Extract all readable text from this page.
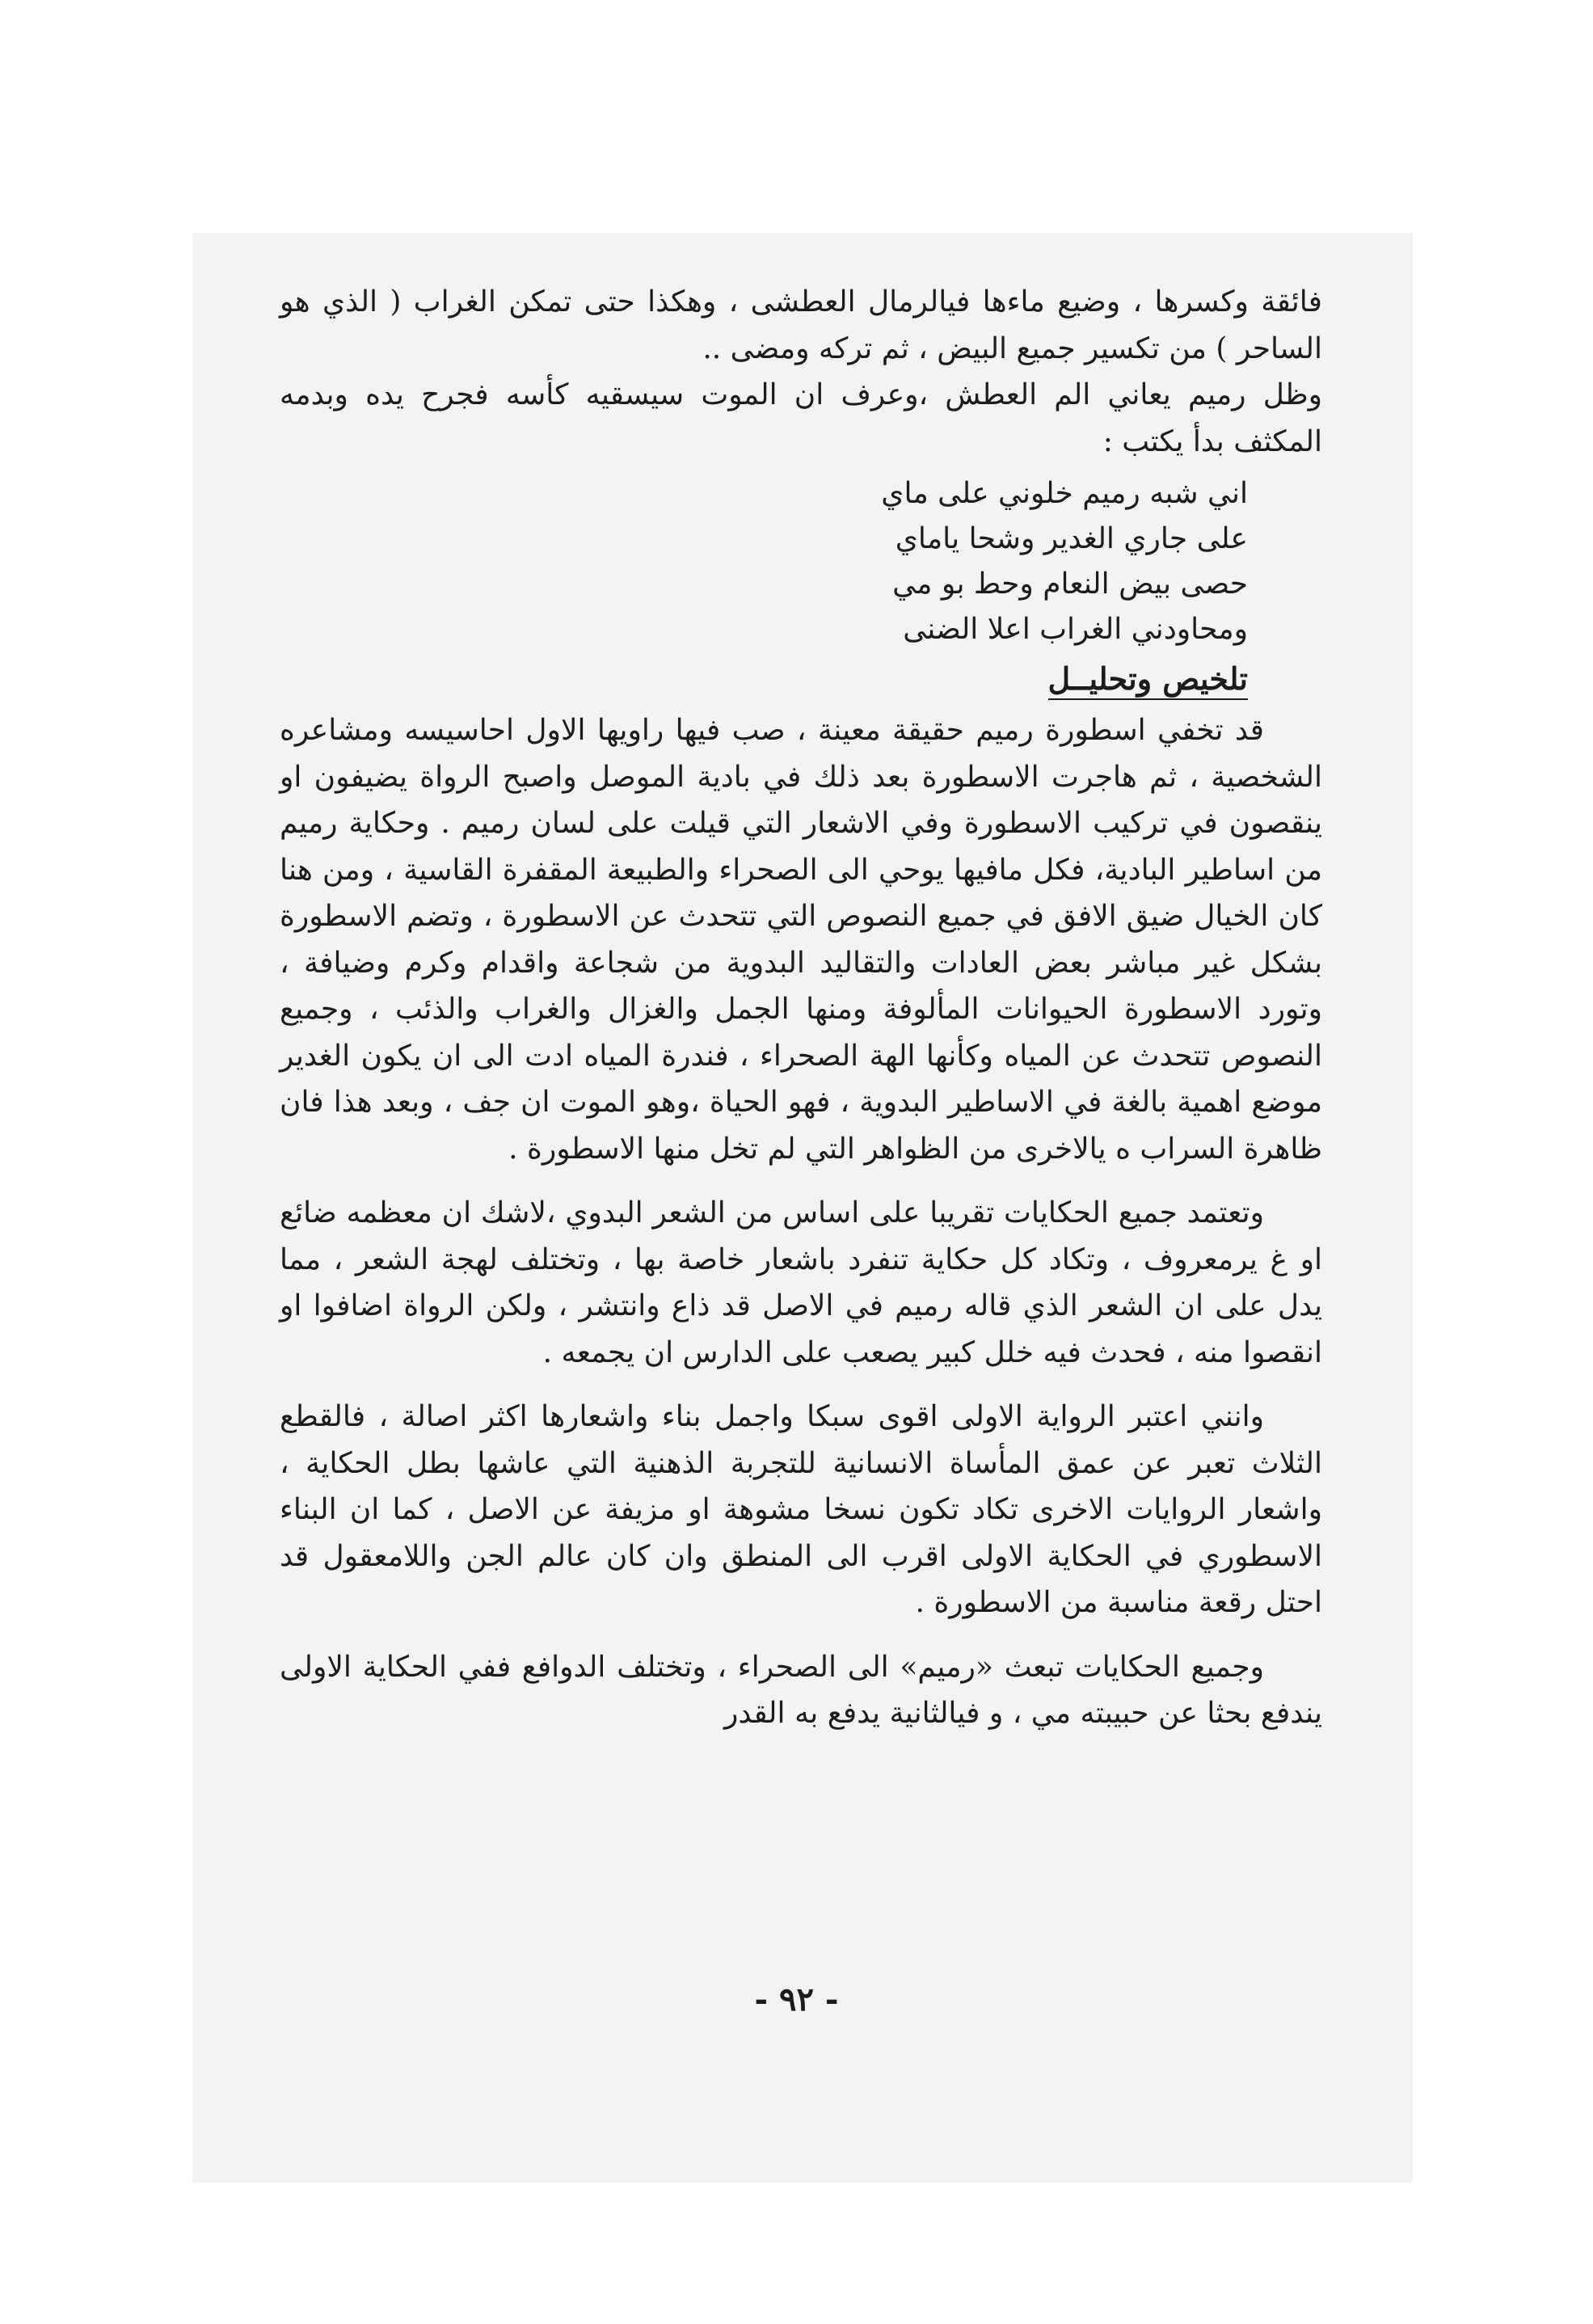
فائقة وكسرها ، وضيع ماءها فيالرمال العطشى ، وهكذا حتى تمكن الغراب ( الذي هو الساحر ) من تكسير جميع البيض ، ثم تركه ومضى ..

وظل رميم يعاني الم العطش ،وعرف ان الموت سيسقيه كأسه فجرح يده وبدمه المكثف بدأ يكتب :

اني شبه رميم خلوني على ماي
على جاري الغدير وشحا ياماي
حصى بيض النعام وحط بو مي
ومحاودني الغراب اعلا الضنى
تلخيص وتحليــل

قد تخفي اسطورة رميم حقيقة معينة ، صب فيها راويها الاول احاسيسه ومشاعره الشخصية ، ثم هاجرت الاسطورة بعد ذلك في بادية الموصل واصبح الرواة يضيفون او ينقصون في تركيب الاسطورة وفي الاشعار التي قيلت على لسان رميم . وحكاية رميم من اساطير البادية، فكل مافيها يوحي الى الصحراء والطبيعة المقفرة القاسية ، ومن هنا كان الخيال ضيق الافق في جميع النصوص التي تتحدث عن الاسطورة ، وتضم الاسطورة بشكل غير مباشر بعض العادات والتقاليد البدوية من شجاعة واقدام وكرم وضيافة ، وتورد الاسطورة الحيوانات المألوفة ومنها الجمل والغزال والغراب والذئب ، وجميع النصوص تتحدث عن المياه وكأنها الهة الصحراء ، فندرة المياه ادت الى ان يكون الغدير موضع اهمية بالغة في الاساطير البدوية ، فهو الحياة ،وهو الموت ان جف ، وبعد هذا فان ظاهرة السراب ه يالاخرى من الظواهر التي لم تخل منها الاسطورة .

وتعتمد جميع الحكايات تقريبا على اساس من الشعر البدوي ،لاشك ان معظمه ضائع او غ يرمعروف ، وتكاد كل حكاية تنفرد باشعار خاصة بها ، وتختلف لهجة الشعر ، مما يدل على ان الشعر الذي قاله رميم في الاصل قد ذاع وانتشر ، ولكن الرواة اضافوا او انقصوا منه ، فحدث فيه خلل كبير يصعب على الدارس ان يجمعه .

وانني اعتبر الرواية الاولى اقوى سبكا واجمل بناء واشعارها اكثر اصالة ، فالقطع الثلاث تعبر عن عمق المأساة الانسانية للتجربة الذهنية التي عاشها بطل الحكاية ، واشعار الروايات الاخرى تكاد تكون نسخا مشوهة او مزيفة عن الاصل ، كما ان البناء الاسطوري في الحكاية الاولى اقرب الى المنطق وان كان عالم الجن واللامعقول قد احتل رقعة مناسبة من الاسطورة .

وجميع الحكايات تبعث «رميم» الى الصحراء ، وتختلف الدوافع ففي الحكاية الاولى يندفع بحثا عن حبيبته مي ، و فيالثانية يدفع به القدر

- ٩٢ -
